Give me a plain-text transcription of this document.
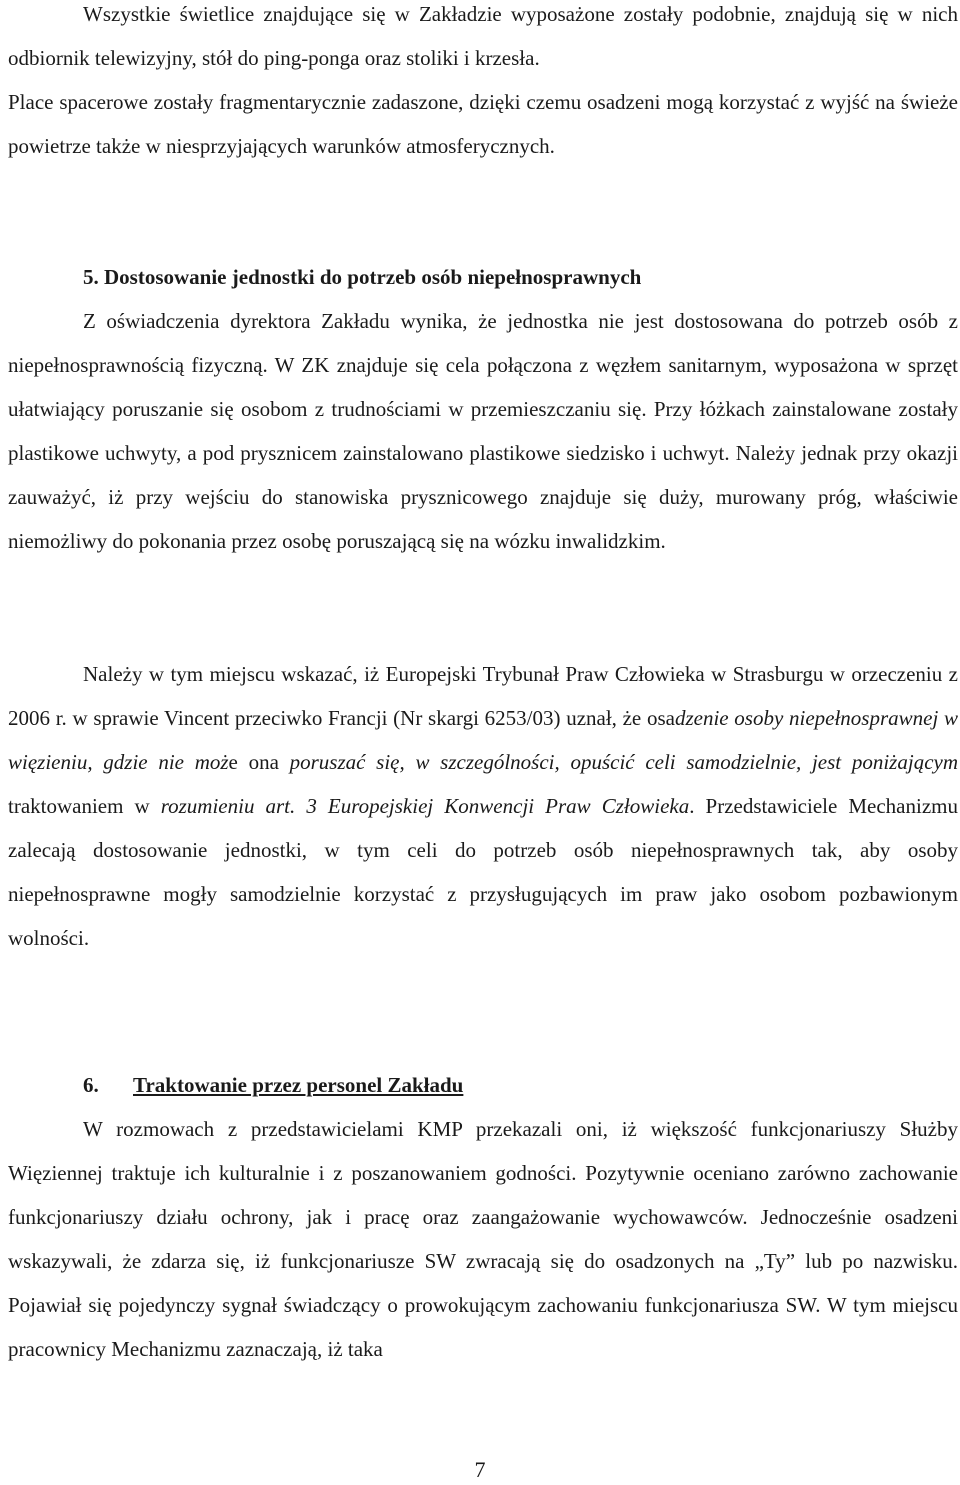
Wszystkie świetlice znajdujące się w Zakładzie wyposażone zostały podobnie, znajdują się w nich odbiornik telewizyjny, stół do ping-ponga oraz stoliki i krzesła.
Place spacerowe zostały fragmentarycznie zadaszone, dzięki czemu osadzeni mogą korzystać z wyjść na świeże powietrze także w niesprzyjających warunków atmosferycznych.

5. Dostosowanie jednostki do potrzeb osób niepełnosprawnych

Z oświadczenia dyrektora Zakładu wynika, że jednostka nie jest dostosowana do potrzeb osób z niepełnosprawnością fizyczną. W ZK znajduje się cela połączona z węzłem sanitarnym, wyposażona w sprzęt ułatwiający poruszanie się osobom z trudnościami w przemieszczaniu się. Przy łóżkach zainstalowane zostały plastikowe uchwyty, a pod prysznicem zainstalowano plastikowe siedzisko i uchwyt. Należy jednak przy okazji zauważyć, iż przy wejściu do stanowiska prysznicowego znajduje się duży, murowany próg, właściwie niemożliwy do pokonania przez osobę poruszającą się na wózku inwalidzkim.

Należy w tym miejscu wskazać, iż Europejski Trybunał Praw Człowieka w Strasburgu w orzeczeniu z 2006 r. w sprawie Vincent przeciwko Francji (Nr skargi 6253/03) uznał, że osadzenie osoby niepełnosprawnej w więzieniu, gdzie nie może ona poruszać się, w szczególności, opuścić celi samodzielnie, jest poniżającym traktowaniem w rozumieniu art. 3 Europejskiej Konwencji Praw Człowieka. Przedstawiciele Mechanizmu zalecają dostosowanie jednostki, w tym celi do potrzeb osób niepełnosprawnych tak, aby osoby niepełnosprawne mogły samodzielnie korzystać z przysługujących im praw jako osobom pozbawionym wolności.

6. Traktowanie przez personel Zakładu

W rozmowach z przedstawicielami KMP przekazali oni, iż większość funkcjonariuszy Służby Więziennej traktuje ich kulturalnie i z poszanowaniem godności. Pozytywnie oceniano zarówno zachowanie funkcjonariuszy działu ochrony, jak i pracę oraz zaangażowanie wychowawców. Jednocześnie osadzeni wskazywali, że zdarza się, iż funkcjonariusze SW zwracają się do osadzonych na „Ty” lub po nazwisku. Pojawiał się pojedynczy sygnał świadczący o prowokującym zachowaniu funkcjonariusza SW. W tym miejscu pracownicy Mechanizmu zaznaczają, iż taka

7
